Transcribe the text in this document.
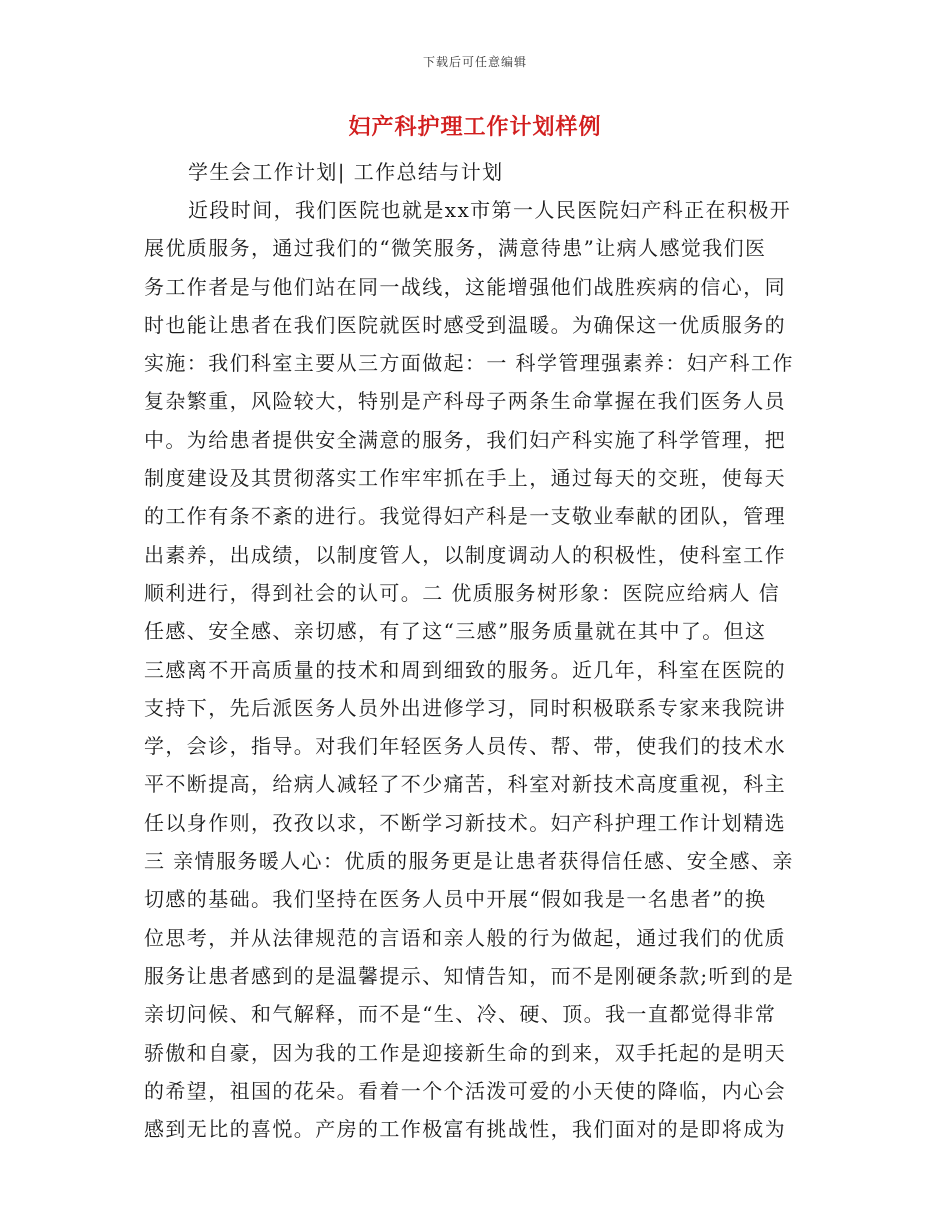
下载后可任意编辑
妇产科护理工作计划样例

学生会工作计划| 工作总结与计划

近段时间，我们医院也就是xx市第一人民医院妇产科正在积极开

展优质服务，通过我们的“微笑服务，满意待患”让病人感觉我们医

务工作者是与他们站在同一战线，这能增强他们战胜疾病的信心，同

时也能让患者在我们医院就医时感受到温暖。为确保这一优质服务的

实施：我们科室主要从三方面做起：一 科学管理强素养：妇产科工作

复杂繁重，风险较大，特别是产科母子两条生命掌握在我们医务人员

中。为给患者提供安全满意的服务，我们妇产科实施了科学管理，把

制度建设及其贯彻落实工作牢牢抓在手上，通过每天的交班，使每天

的工作有条不紊的进行。我觉得妇产科是一支敬业奉献的团队，管理

出素养，出成绩，以制度管人，以制度调动人的积极性，使科室工作

顺利进行，得到社会的认可。二 优质服务树形象：医院应给病人 信

任感、安全感、亲切感，有了这“三感”服务质量就在其中了。但这

三感离不开高质量的技术和周到细致的服务。近几年，科室在医院的

支持下，先后派医务人员外出进修学习，同时积极联系专家来我院讲

学，会诊，指导。对我们年轻医务人员传、帮、带，使我们的技术水

平不断提高，给病人减轻了不少痛苦，科室对新技术高度重视，科主

任以身作则，孜孜以求，不断学习新技术。妇产科护理工作计划精选

三 亲情服务暖人心：优质的服务更是让患者获得信任感、安全感、亲

切感的基础。我们坚持在医务人员中开展“假如我是一名患者”的换

位思考，并从法律规范的言语和亲人般的行为做起，通过我们的优质

服务让患者感到的是温馨提示、知情告知，而不是刚硬条款;听到的是

亲切问候、和气解释，而不是“生、冷、硬、顶。我一直都觉得非常

骄傲和自豪，因为我的工作是迎接新生命的到来，双手托起的是明天

的希望，祖国的花朵。看着一个个活泼可爱的小天使的降临，内心会

感到无比的喜悦。产房的工作极富有挑战性，我们面对的是即将成为
